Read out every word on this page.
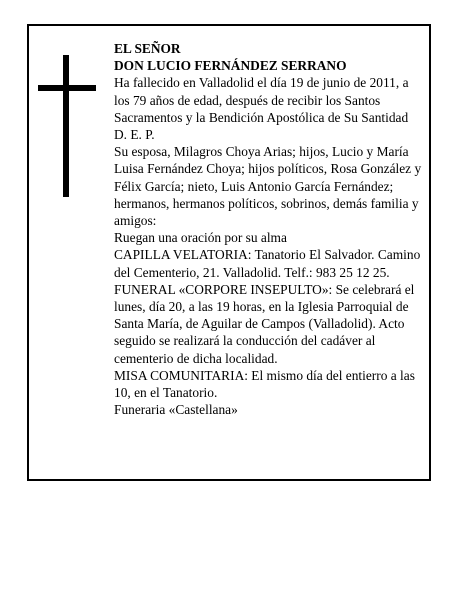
EL SEÑOR

DON LUCIO FERNÁNDEZ SERRANO

Ha fallecido en Valladolid el día 19 de junio de 2011, a los 79 años de edad, después de recibir los Santos Sacramentos y la Bendición Apostólica de Su Santidad D. E. P.

Su esposa, Milagros Choya Arias; hijos, Lucio y María Luisa Fernández Choya; hijos políticos, Rosa González y Félix García; nieto, Luis Antonio García Fernández; hermanos, hermanos políticos, sobrinos, demás familia y amigos:

Ruegan una oración por su alma

CAPILLA VELATORIA: Tanatorio El Salvador. Camino del Cementerio, 21. Valladolid. Telf.: 983 25 12 25.

FUNERAL «CORPORE INSEPULTO»: Se celebrará el lunes, día 20, a las 19 horas, en la Iglesia Parroquial de Santa María, de Aguilar de Campos (Valladolid). Acto seguido se realizará la conducción del cadáver al cementerio de dicha localidad.

MISA COMUNITARIA: El mismo día del entierro a las 10, en el Tanatorio.

Funeraria «Castellana»
